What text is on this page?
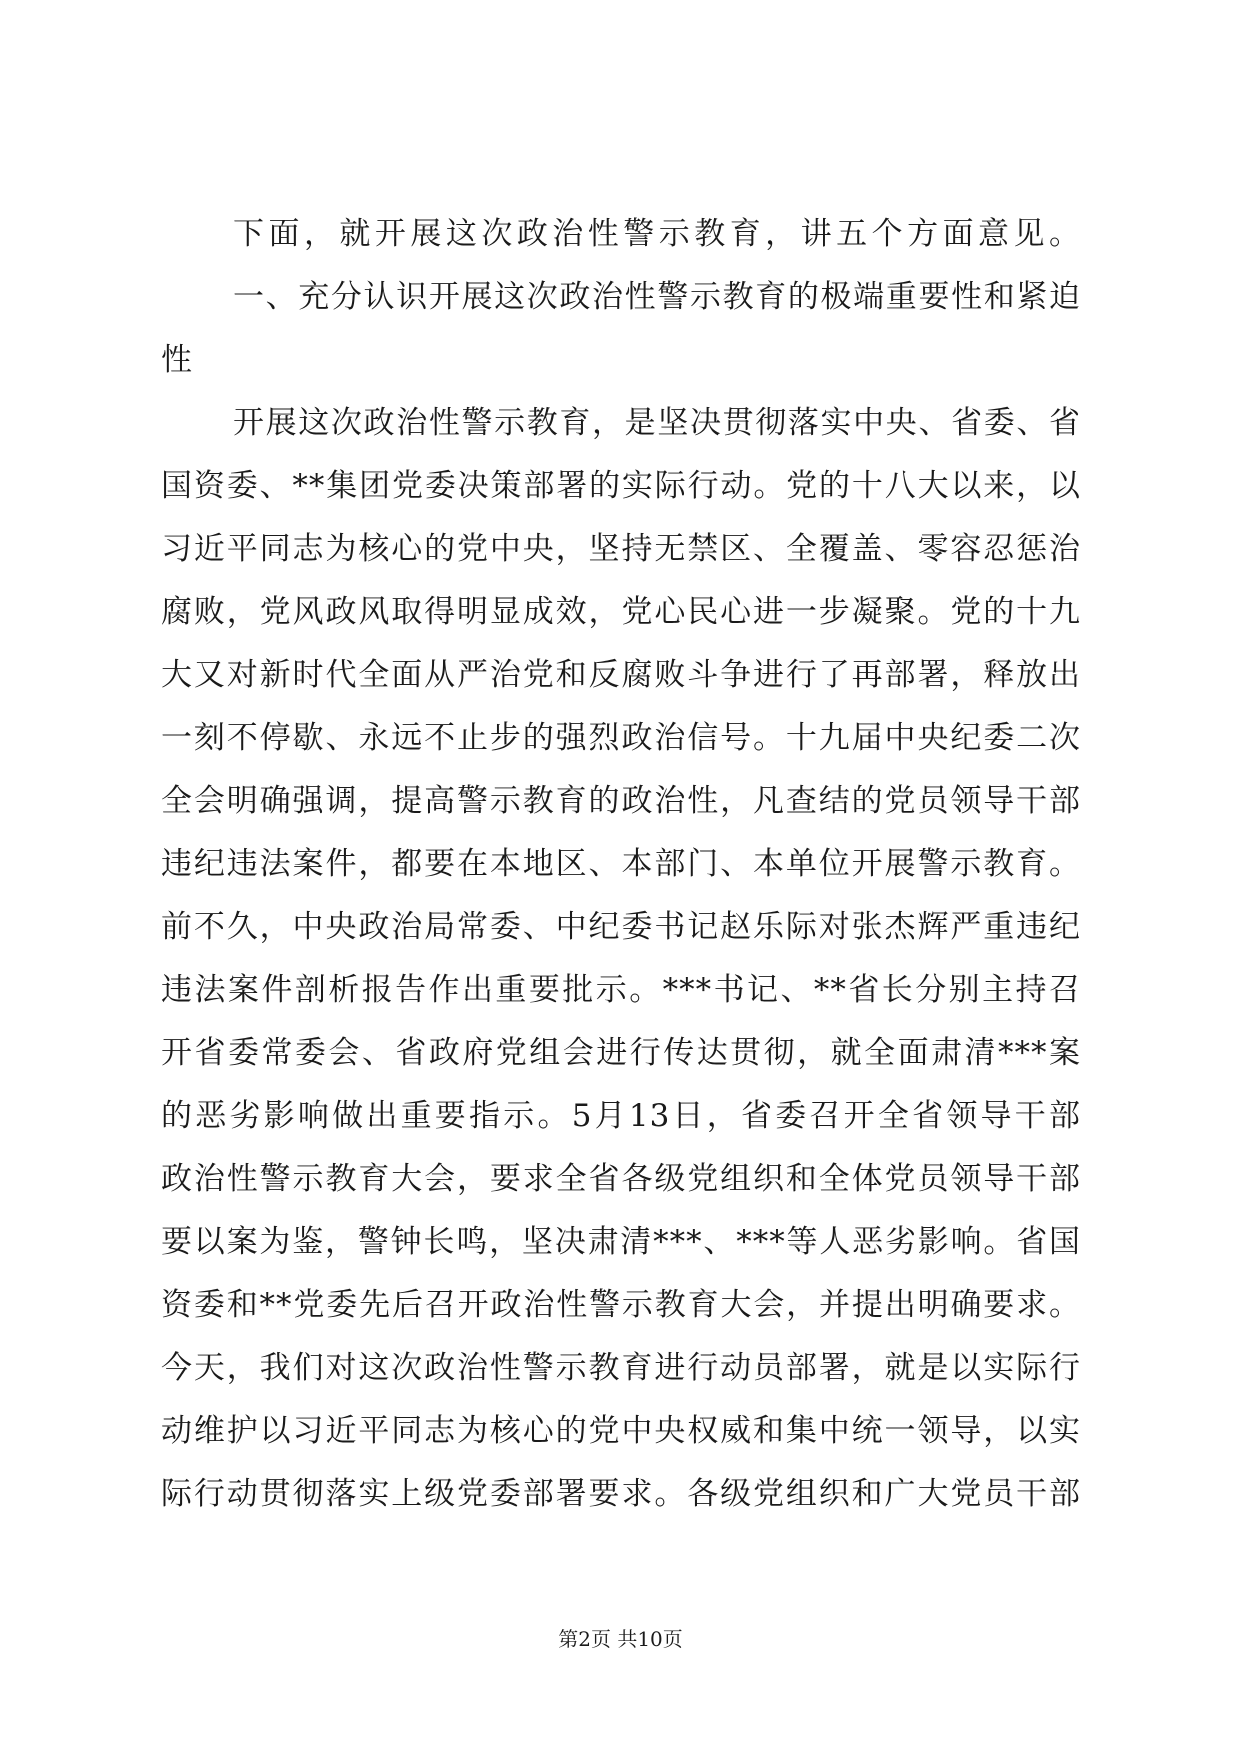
下面，就开展这次政治性警示教育，讲五个方面意见。
一、充分认识开展这次政治性警示教育的极端重要性和紧迫
性
开展这次政治性警示教育，是坚决贯彻落实中央、省委、省
国资委、**集团党委决策部署的实际行动。党的十八大以来，以
习近平同志为核心的党中央，坚持无禁区、全覆盖、零容忍惩治
腐败，党风政风取得明显成效，党心民心进一步凝聚。党的十九
大又对新时代全面从严治党和反腐败斗争进行了再部署，释放出
一刻不停歇、永远不止步的强烈政治信号。十九届中央纪委二次
全会明确强调，提高警示教育的政治性，凡查结的党员领导干部
违纪违法案件，都要在本地区、本部门、本单位开展警示教育。
前不久，中央政治局常委、中纪委书记赵乐际对张杰辉严重违纪
违法案件剖析报告作出重要批示。***书记、**省长分别主持召
开省委常委会、省政府党组会进行传达贯彻，就全面肃清***案
的恶劣影响做出重要指示。5月13日，省委召开全省领导干部
政治性警示教育大会，要求全省各级党组织和全体党员领导干部
要以案为鉴，警钟长鸣，坚决肃清***、***等人恶劣影响。省国
资委和**党委先后召开政治性警示教育大会，并提出明确要求。
今天，我们对这次政治性警示教育进行动员部署，就是以实际行
动维护以习近平同志为核心的党中央权威和集中统一领导，以实
际行动贯彻落实上级党委部署要求。各级党组织和广大党员干部
第2页 共10页
